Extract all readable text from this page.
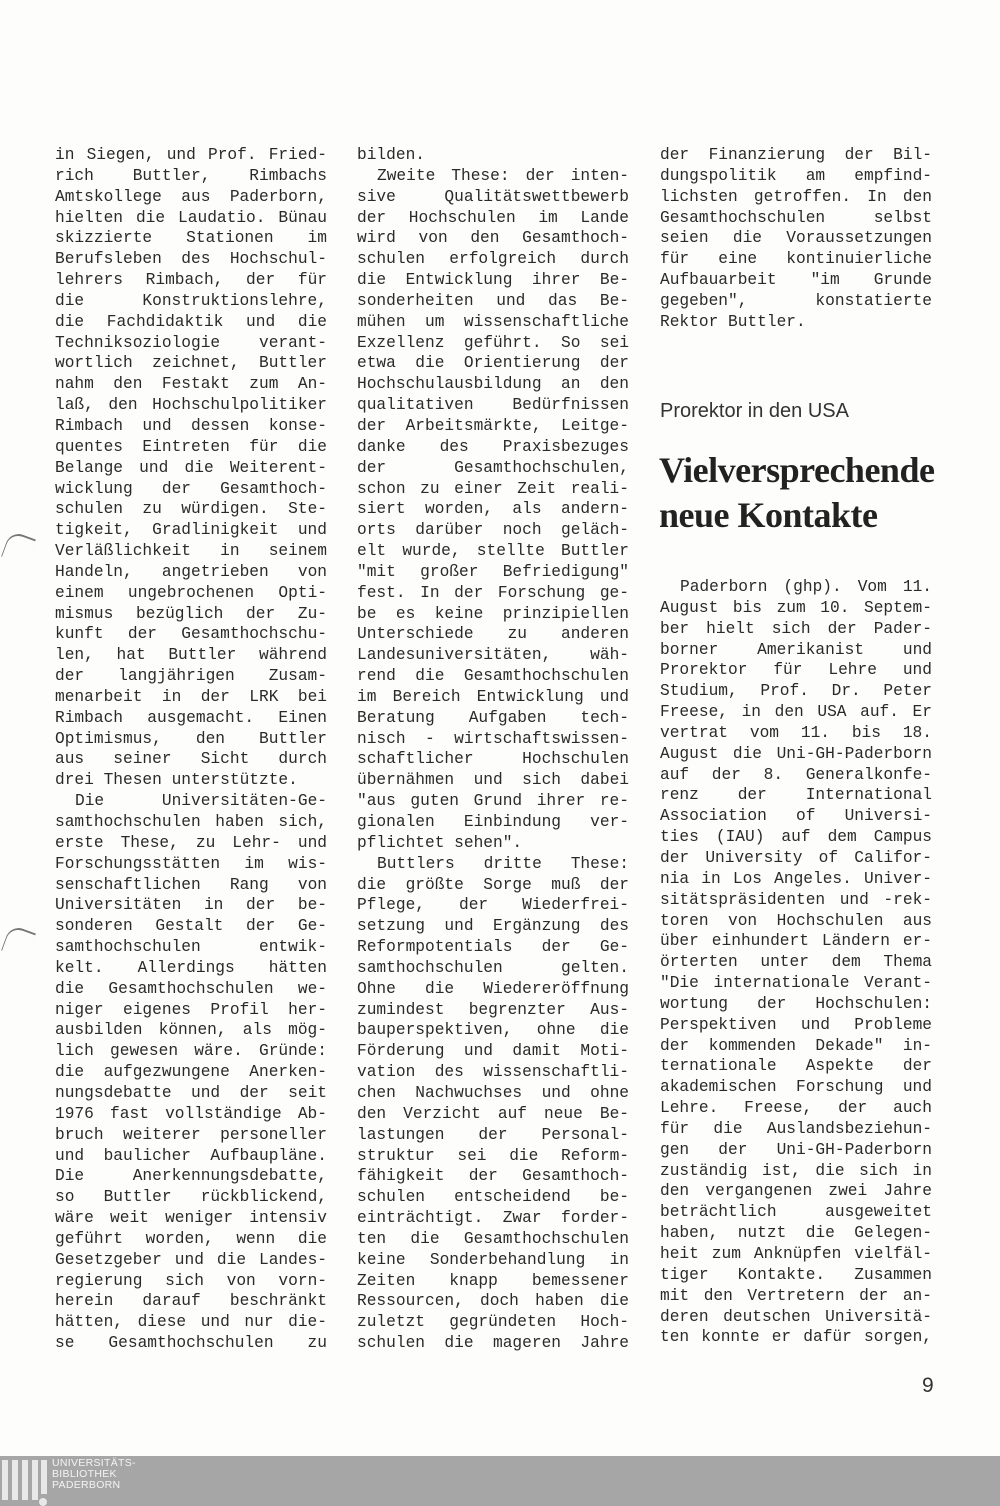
in Siegen, und Prof. Fried-
rich Buttler, Rimbachs
Amtskollege aus Paderborn,
hielten die Laudatio. Bünau
skizzierte Stationen im
Berufsleben des Hochschul-
lehrers Rimbach, der für
die Konstruktionslehre,
die Fachdidaktik und die
Techniksoziologie verant-
wortlich zeichnet, Buttler
nahm den Festakt zum An-
laß, den Hochschulpolitiker
Rimbach und dessen konse-
quentes Eintreten für die
Belange und die Weiterent-
wicklung der Gesamthoch-
schulen zu würdigen. Ste-
tigkeit, Gradlinigkeit und
Verläßlichkeit in seinem
Handeln, angetrieben von
einem ungebrochenen Opti-
mismus bezüglich der Zu-
kunft der Gesamthochschu-
len, hat Buttler während
der langjährigen Zusam-
menarbeit in der LRK bei
Rimbach ausgemacht. Einen
Optimismus, den Buttler
aus seiner Sicht durch
drei Thesen unterstützte.
Die Universitäten-Ge-
samthochschulen haben sich,
erste These, zu Lehr- und
Forschungsstätten im wis-
senschaftlichen Rang von
Universitäten in der be-
sonderen Gestalt der Ge-
samthochschulen entwik-
kelt. Allerdings hätten
die Gesamthochschulen we-
niger eigenes Profil her-
ausbilden können, als mög-
lich gewesen wäre. Gründe:
die aufgezwungene Anerken-
nungsdebatte und der seit
1976 fast vollständige Ab-
bruch weiterer personeller
und baulicher Aufbaupläne.
Die Anerkennungsdebatte,
so Buttler rückblickend,
wäre weit weniger intensiv
geführt worden, wenn die
Gesetzgeber und die Landes-
regierung sich von vorn-
herein darauf beschränkt
hätten, diese und nur die-
se Gesamthochschulen zu
bilden.
Zweite These: der inten-
sive Qualitätswettbewerb
der Hochschulen im Lande
wird von den Gesamthoch-
schulen erfolgreich durch
die Entwicklung ihrer Be-
sonderheiten und das Be-
mühen um wissenschaftliche
Exzellenz geführt. So sei
etwa die Orientierung der
Hochschulausbildung an den
qualitativen Bedürfnissen
der Arbeitsmärkte, Leitge-
danke des Praxisbezuges
der Gesamthochschulen,
schon zu einer Zeit reali-
siert worden, als andern-
orts darüber noch geläch-
elt wurde, stellte Buttler
"mit großer Befriedigung"
fest. In der Forschung ge-
be es keine prinzipiellen
Unterschiede zu anderen
Landesuniversitäten, wäh-
rend die Gesamthochschulen
im Bereich Entwicklung und
Beratung Aufgaben tech-
nisch - wirtschaftswissen-
schaftlicher Hochschulen
übernähmen und sich dabei
"aus guten Grund ihrer re-
gionalen Einbindung ver-
pflichtet sehen".
Buttlers dritte These:
die größte Sorge muß der
Pflege, der Wiederfrei-
setzung und Ergänzung des
Reformpotentials der Ge-
samthochschulen gelten.
Ohne die Wiedereröffnung
zumindest begrenzter Aus-
bauperspektiven, ohne die
Förderung und damit Moti-
vation des wissenschaftli-
chen Nachwuchses und ohne
den Verzicht auf neue Be-
lastungen der Personal-
struktur sei die Reform-
fähigkeit der Gesamthoch-
schulen entscheidend be-
einträchtigt. Zwar forder-
ten die Gesamthochschulen
keine Sonderbehandlung in
Zeiten knapp bemessener
Ressourcen, doch haben die
zuletzt gegründeten Hoch-
schulen die mageren Jahre
der Finanzierung der Bil-
dungspolitik am empfind-
lichsten getroffen. In den
Gesamthochschulen selbst
seien die Voraussetzungen
für eine kontinuierliche
Aufbauarbeit "im Grunde
gegeben", konstatierte
Rektor Buttler.
Prorektor in den USA
Vielversprechende
neue Kontakte
Paderborn (ghp). Vom 11.
August bis zum 10. Septem-
ber hielt sich der Pader-
borner Amerikanist und
Prorektor für Lehre und
Studium, Prof. Dr. Peter
Freese, in den USA auf. Er
vertrat vom 11. bis 18.
August die Uni-GH-Paderborn
auf der 8. Generalkonfe-
renz der International
Association of Universi-
ties (IAU) auf dem Campus
der University of Califor-
nia in Los Angeles. Univer-
sitätspräsidenten und -rek-
toren von Hochschulen aus
über einhundert Ländern er-
örterten unter dem Thema
"Die internationale Verant-
wortung der Hochschulen:
Perspektiven und Probleme
der kommenden Dekade" in-
ternationale Aspekte der
akademischen Forschung und
Lehre. Freese, der auch
für die Auslandsbeziehun-
gen der Uni-GH-Paderborn
zuständig ist, die sich in
den vergangenen zwei Jahre
beträchtlich ausgeweitet
haben, nutzt die Gelegen-
heit zum Anknüpfen vielfäl-
tiger Kontakte. Zusammen
mit den Vertretern der an-
deren deutschen Universitä-
ten konnte er dafür sorgen,
9
UNIVERSITÄTS-
BIBLIOTHEK
PADERBORN
